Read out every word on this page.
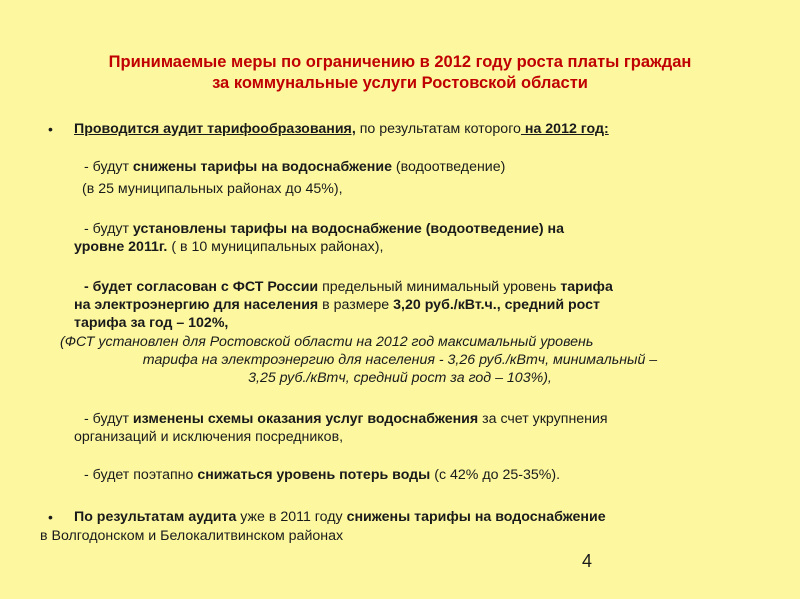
Принимаемые меры по ограничению в 2012 году роста платы граждан
за коммунальные услуги Ростовской области
• Проводится аудит тарифообразования, по результатам которого на 2012 год:

- будут снижены тарифы на водоснабжение (водоотведение)

(в 25 муниципальных районах до 45%),

- будут установлены тарифы на водоснабжение (водоотведение) на

уровне 2011г. ( в 10 муниципальных районах),

- будет согласован с ФСТ России предельный минимальный уровень тарифа

на электроэнергию для населения в размере 3,20 руб./кВт.ч., средний рост

тарифа за год – 102%,

(ФСТ установлен для Ростовской области на 2012 год максимальный уровень

тарифа на электроэнергию для населения - 3,26 руб./кВтч, минимальный –

3,25 руб./кВтч, средний рост за год – 103%),

- будут изменены схемы оказания услуг водоснабжения за счет укрупнения

организаций и исключения посредников,

- будет поэтапно снижаться уровень потерь воды (с 42% до 25-35%).

• По результатам аудита уже в 2011 году снижены тарифы на водоснабжение

в Волгодонском и Белокалитвинском районах

4
